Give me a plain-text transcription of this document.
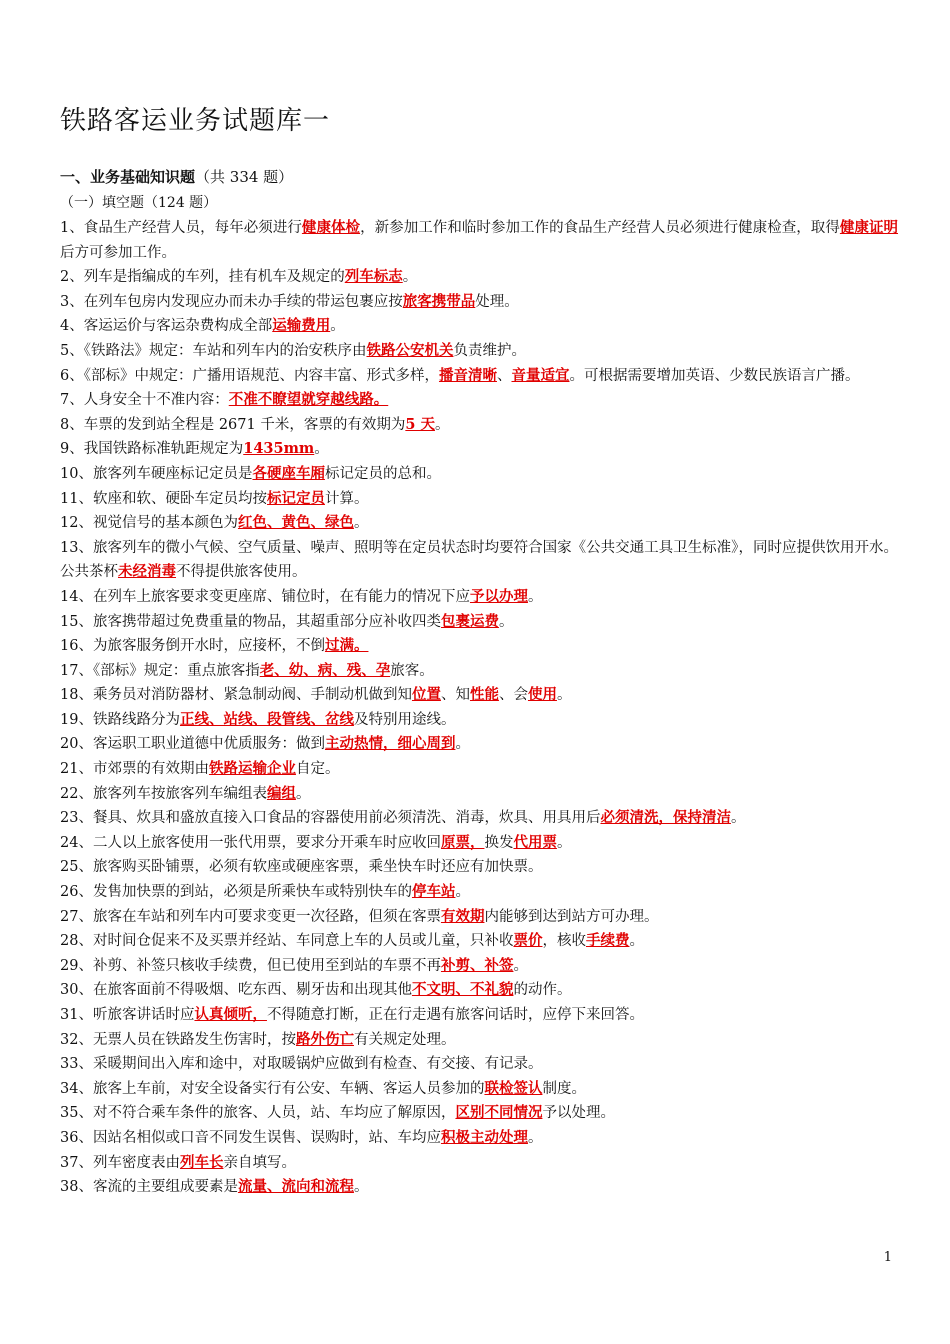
铁路客运业务试题库一
一、业务基础知识题（共 334 题）
（一）填空题（124 题）

1、食品生产经营人员，每年必须进行健康体检，新参加工作和临时参加工作的食品生产经营人员必须进行健康检查，取得健康证明后方可参加工作。

2、列车是指编成的车列，挂有机车及规定的列车标志。

3、在列车包房内发现应办而未办手续的带运包裹应按旅客携带品处理。

4、客运运价与客运杂费构成全部运输费用。

5、《铁路法》规定：车站和列车内的治安秩序由铁路公安机关负责维护。

6、《部标》中规定：广播用语规范、内容丰富、形式多样，播音清晰、音量适宜。可根据需要增加英语、少数民族语言广播。

7、人身安全十不准内容：不准不瞭望就穿越线路。

8、车票的发到站全程是 2671 千米，客票的有效期为5 天。

9、我国铁路标准轨距规定为1435mm。

10、旅客列车硬座标记定员是各硬座车厢标记定员的总和。

11、软座和软、硬卧车定员均按标记定员计算。

12、视觉信号的基本颜色为红色、黄色、绿色。

13、旅客列车的微小气候、空气质量、噪声、照明等在定员状态时均要符合国家《公共交通工具卫生标准》，同时应提供饮用开水。公共茶杯未经消毒不得提供旅客使用。

14、在列车上旅客要求变更座席、铺位时，在有能力的情况下应予以办理。

15、旅客携带超过免费重量的物品，其超重部分应补收四类包裹运费。

16、为旅客服务倒开水时，应接杯，不倒过满。

17、《部标》规定：重点旅客指老、幼、病、残、孕旅客。

18、乘务员对消防器材、紧急制动阀、手制动机做到知位置、知性能、会使用。

19、铁路线路分为正线、站线、段管线、岔线及特别用途线。

20、客运职工职业道德中优质服务：做到主动热情，细心周到。

21、市郊票的有效期由铁路运输企业自定。

22、旅客列车按旅客列车编组表编组。

23、餐具、炊具和盛放直接入口食品的容器使用前必须清洗、消毒，炊具、用具用后必须清洗，保持清洁。

24、二人以上旅客使用一张代用票，要求分开乘车时应收回原票，换发代用票。

25、旅客购买卧铺票，必须有软座或硬座客票，乘坐快车时还应有加快票。

26、发售加快票的到站，必须是所乘快车或特别快车的停车站。

27、旅客在车站和列车内可要求变更一次径路，但须在客票有效期内能够到达到站方可办理。

28、对时间仓促来不及买票并经站、车同意上车的人员或儿童，只补收票价，核收手续费。

29、补剪、补签只核收手续费，但已使用至到站的车票不再补剪、补签。

30、在旅客面前不得吸烟、吃东西、剔牙齿和出现其他不文明、不礼貌的动作。

31、听旅客讲话时应认真倾听，不得随意打断，正在行走遇有旅客问话时，应停下来回答。

32、无票人员在铁路发生伤害时，按路外伤亡有关规定处理。

33、采暖期间出入库和途中，对取暖锅炉应做到有检查、有交接、有记录。

34、旅客上车前，对安全设备实行有公安、车辆、客运人员参加的联检签认制度。

35、对不符合乘车条件的旅客、人员，站、车均应了解原因，区别不同情况予以处理。

36、因站名相似或口音不同发生误售、误购时，站、车均应积极主动处理。

37、列车密度表由列车长亲自填写。

38、客流的主要组成要素是流量、流向和流程。

1
